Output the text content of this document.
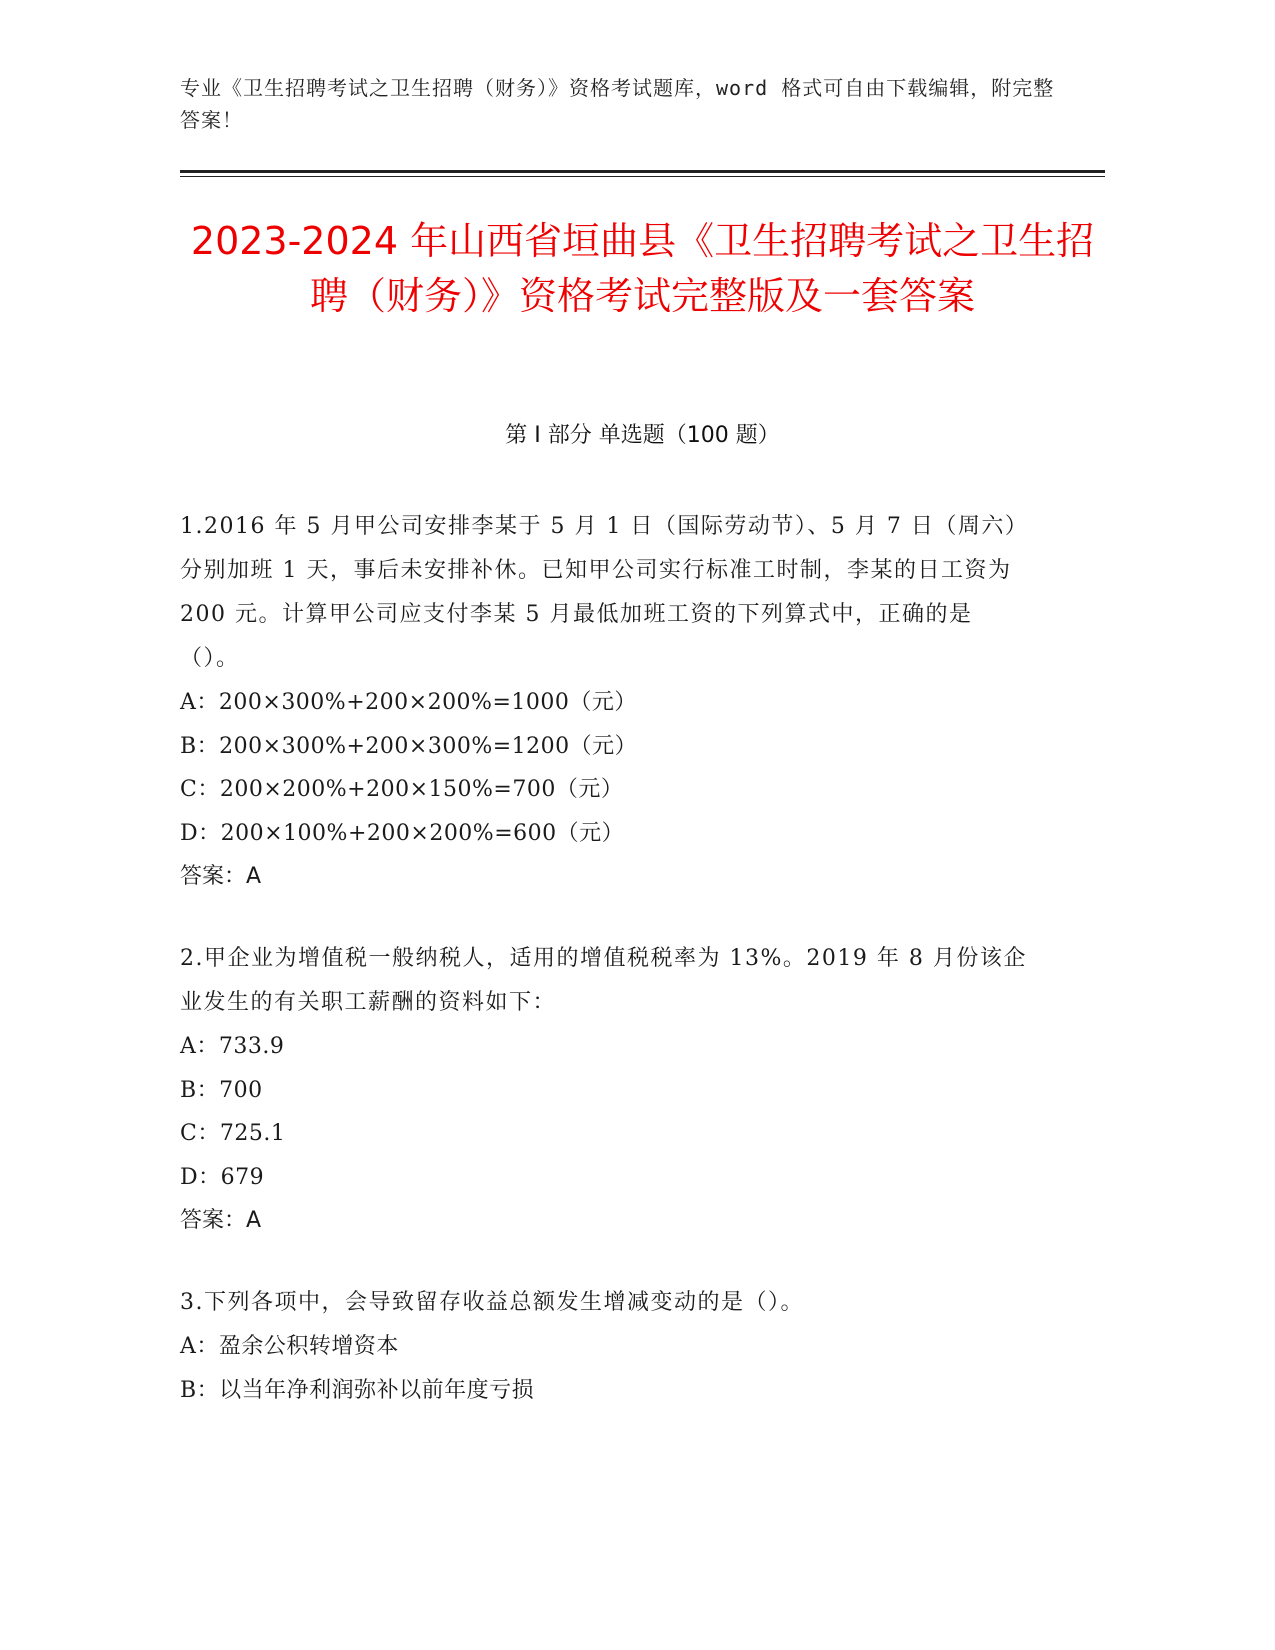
专业《卫生招聘考试之卫生招聘（财务）》资格考试题库，word 格式可自由下载编辑，附完整答案！
2023-2024 年山西省垣曲县《卫生招聘考试之卫生招聘（财务）》资格考试完整版及一套答案
第 I 部分 单选题（100 题）

1.2016 年 5 月甲公司安排李某于 5 月 1 日（国际劳动节）、5 月 7 日（周六）分别加班 1 天，事后未安排补休。已知甲公司实行标准工时制，李某的日工资为 200 元。计算甲公司应支付李某 5 月最低加班工资的下列算式中，正确的是（）。

A：200×300%+200×200%=1000（元）

B：200×300%+200×300%=1200（元）

C：200×200%+200×150%=700（元）

D：200×100%+200×200%=600（元）

答案：A

2.甲企业为增值税一般纳税人，适用的增值税税率为 13%。2019 年 8 月份该企业发生的有关职工薪酬的资料如下：

A：733.9

B：700

C：725.1

D：679

答案：A

3.下列各项中，会导致留存收益总额发生增减变动的是（）。

A：盈余公积转增资本

B：以当年净利润弥补以前年度亏损
